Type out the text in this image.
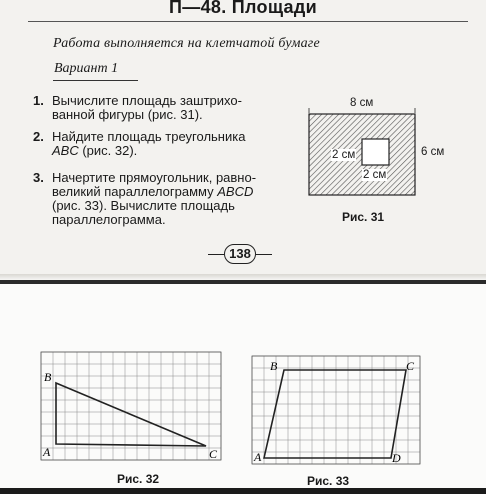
П—48. Площади
Работа выполняется на клетчатой бумаге
Вариант 1
1. Вычислите площадь заштрихо-
ванной фигуры (рис. 31).
2. Найдите площадь треугольника
ABC (рис. 32).
3. Начертите прямоугольник, равно-
великий параллелограмму ABCD
(рис. 33). Вычислите площадь
параллелограмма.
8 см
6 см
2 см
2 см
Рис. 31
138
B
A	C
B	C
A	D
Рис. 32	Рис. 33
